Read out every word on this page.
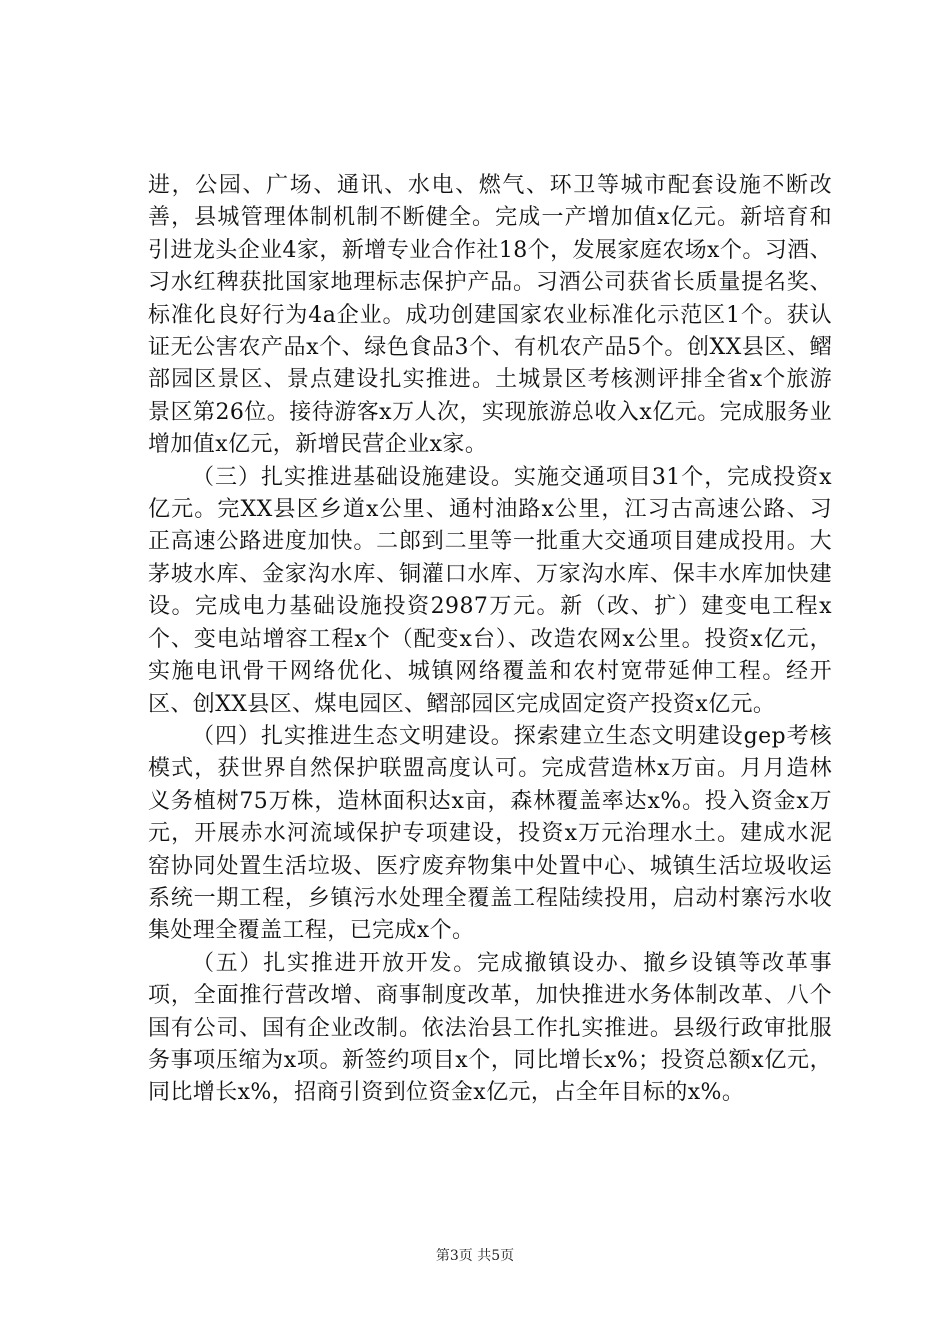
进，公园、广场、通讯、水电、燃气、环卫等城市配套设施不断改善，县城管理体制机制不断健全。完成一产增加值x亿元。新培育和引进龙头企业4家，新增专业合作社18个，发展家庭农场x个。习酒、习水红稗获批国家地理标志保护产品。习酒公司获省长质量提名奖、标准化良好行为4a企业。成功创建国家农业标准化示范区1个。获认证无公害农产品x个、绿色食品3个、有机农产品5个。创XX县区、鳛部园区景区、景点建设扎实推进。土城景区考核测评排全省x个旅游景区第26位。接待游客x万人次，实现旅游总收入x亿元。完成服务业增加值x亿元，新增民营企业x家。

（三）扎实推进基础设施建设。实施交通项目31个，完成投资x亿元。完XX县区乡道x公里、通村油路x公里，江习古高速公路、习正高速公路进度加快。二郎到二里等一批重大交通项目建成投用。大茅坡水库、金家沟水库、铜灌口水库、万家沟水库、保丰水库加快建设。完成电力基础设施投资2987万元。新（改、扩）建变电工程x个、变电站增容工程x个（配变x台）、改造农网x公里。投资x亿元，实施电讯骨干网络优化、城镇网络覆盖和农村宽带延伸工程。经开区、创XX县区、煤电园区、鳛部园区完成固定资产投资x亿元。

（四）扎实推进生态文明建设。探索建立生态文明建设gep考核模式，获世界自然保护联盟高度认可。完成营造林x万亩。月月造林义务植树75万株，造林面积达x亩，森林覆盖率达x%。投入资金x万元，开展赤水河流域保护专项建设，投资x万元治理水土。建成水泥窑协同处置生活垃圾、医疗废弃物集中处置中心、城镇生活垃圾收运系统一期工程，乡镇污水处理全覆盖工程陆续投用，启动村寨污水收集处理全覆盖工程，已完成x个。

（五）扎实推进开放开发。完成撤镇设办、撤乡设镇等改革事项，全面推行营改增、商事制度改革，加快推进水务体制改革、八个国有公司、国有企业改制。依法治县工作扎实推进。县级行政审批服务事项压缩为x项。新签约项目x个，同比增长x%；投资总额x亿元，同比增长x%，招商引资到位资金x亿元，占全年目标的x%。

第3页 共5页
